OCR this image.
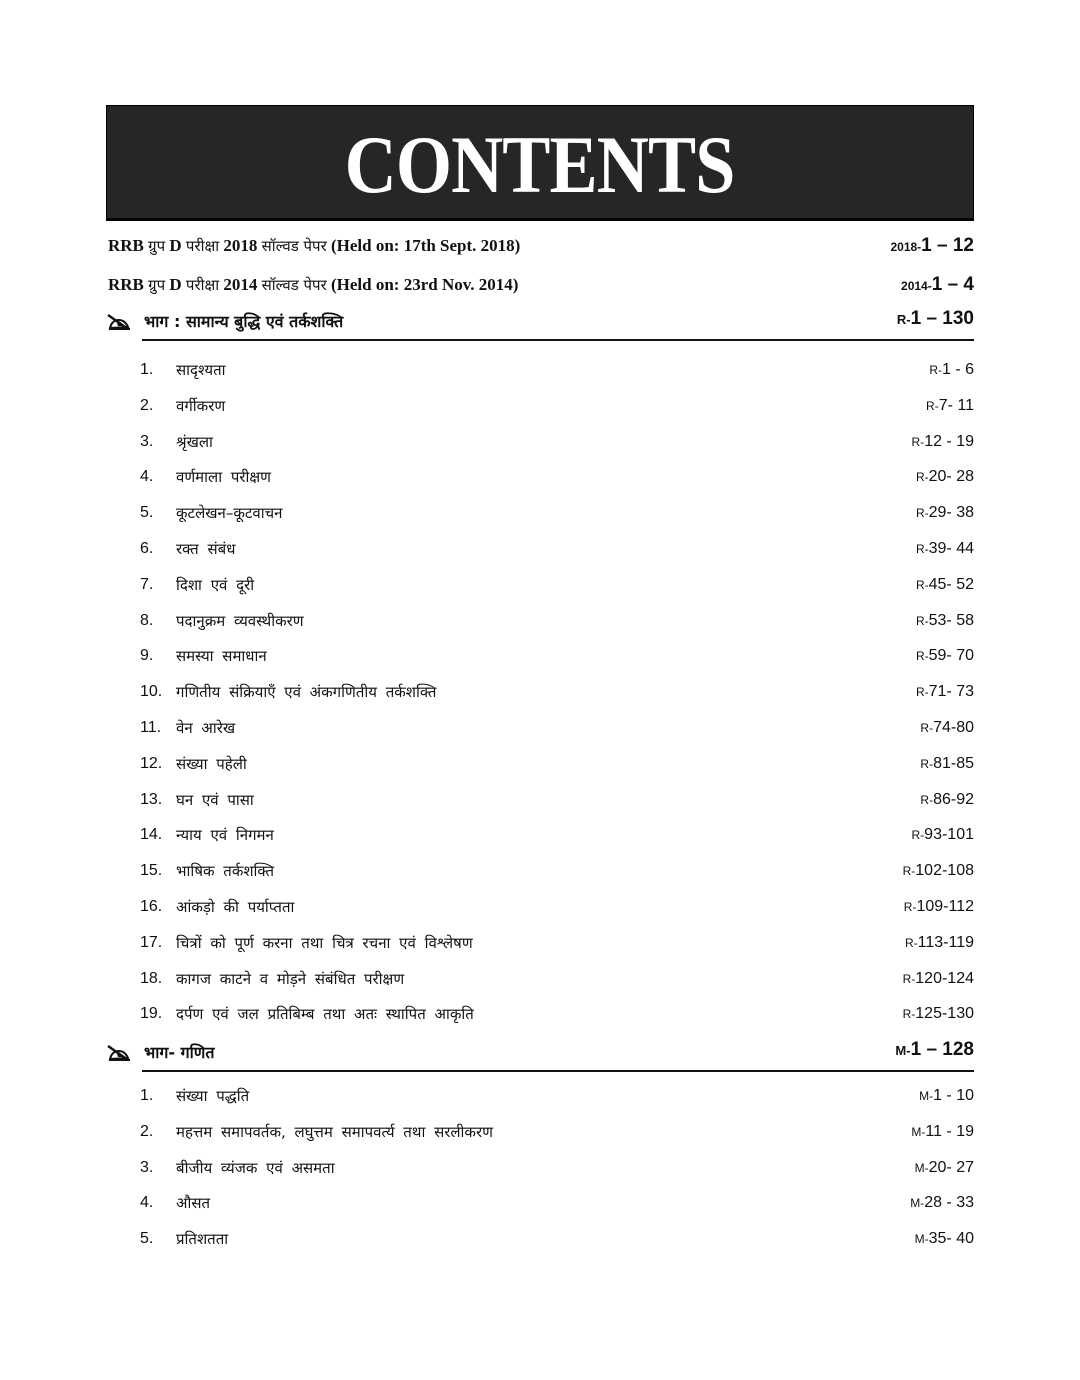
CONTENTS
RRB ग्रुप D परीक्षा 2018 सॉल्वड पेपर (Held on: 17th Sept. 2018)	2018-1 – 12
RRB ग्रुप D परीक्षा 2014 सॉल्वड पेपर (Held on: 23rd Nov. 2014)	2014-1 – 4
भाग : सामान्य बुद्धि एवं तर्कशक्ति	R-1 – 130
1.	सादृश्यता	R-1 - 6
2.	वर्गीकरण	R-7- 11
3.	श्रृंखला	R-12 - 19
4.	वर्णमाला परीक्षण	R-20- 28
5.	कूटलेखन–कूटवाचन	R-29- 38
6.	रक्त संबंध	R-39- 44
7.	दिशा एवं दूरी	R-45- 52
8.	पदानुक्रम व्यवस्थीकरण	R-53- 58
9.	समस्या समाधान	R-59- 70
10. गणितीय संक्रियाएँ एवं अंकगणितीय तर्कशक्ति	R-71- 73
11. वेन आरेख	R-74-80
12. संख्या पहेली	R-81-85
13. घन एवं पासा	R-86-92
14. न्याय एवं निगमन	R-93-101
15. भाषिक तर्कशक्ति	R-102-108
16. आंकड़ो की पर्याप्तता	R-109-112
17. चित्रों को पूर्ण करना तथा चित्र रचना एवं विश्लेषण	R-113-119
18. कागज काटने व मोड़ने संबंधित परीक्षण	R-120-124
19. दर्पण एवं जल प्रतिबिम्ब तथा अतः स्थापित आकृति	R-125-130
भाग- गणित	M-1 – 128
1.	संख्या पद्धति	M-1 - 10
2.	महत्तम समापवर्तक, लघुत्तम समापवर्त्य तथा सरलीकरण	M-11 - 19
3.	बीजीय व्यंजक एवं असमता	M-20- 27
4.	औसत	M-28 - 33
5.	प्रतिशतता	M-35- 40
